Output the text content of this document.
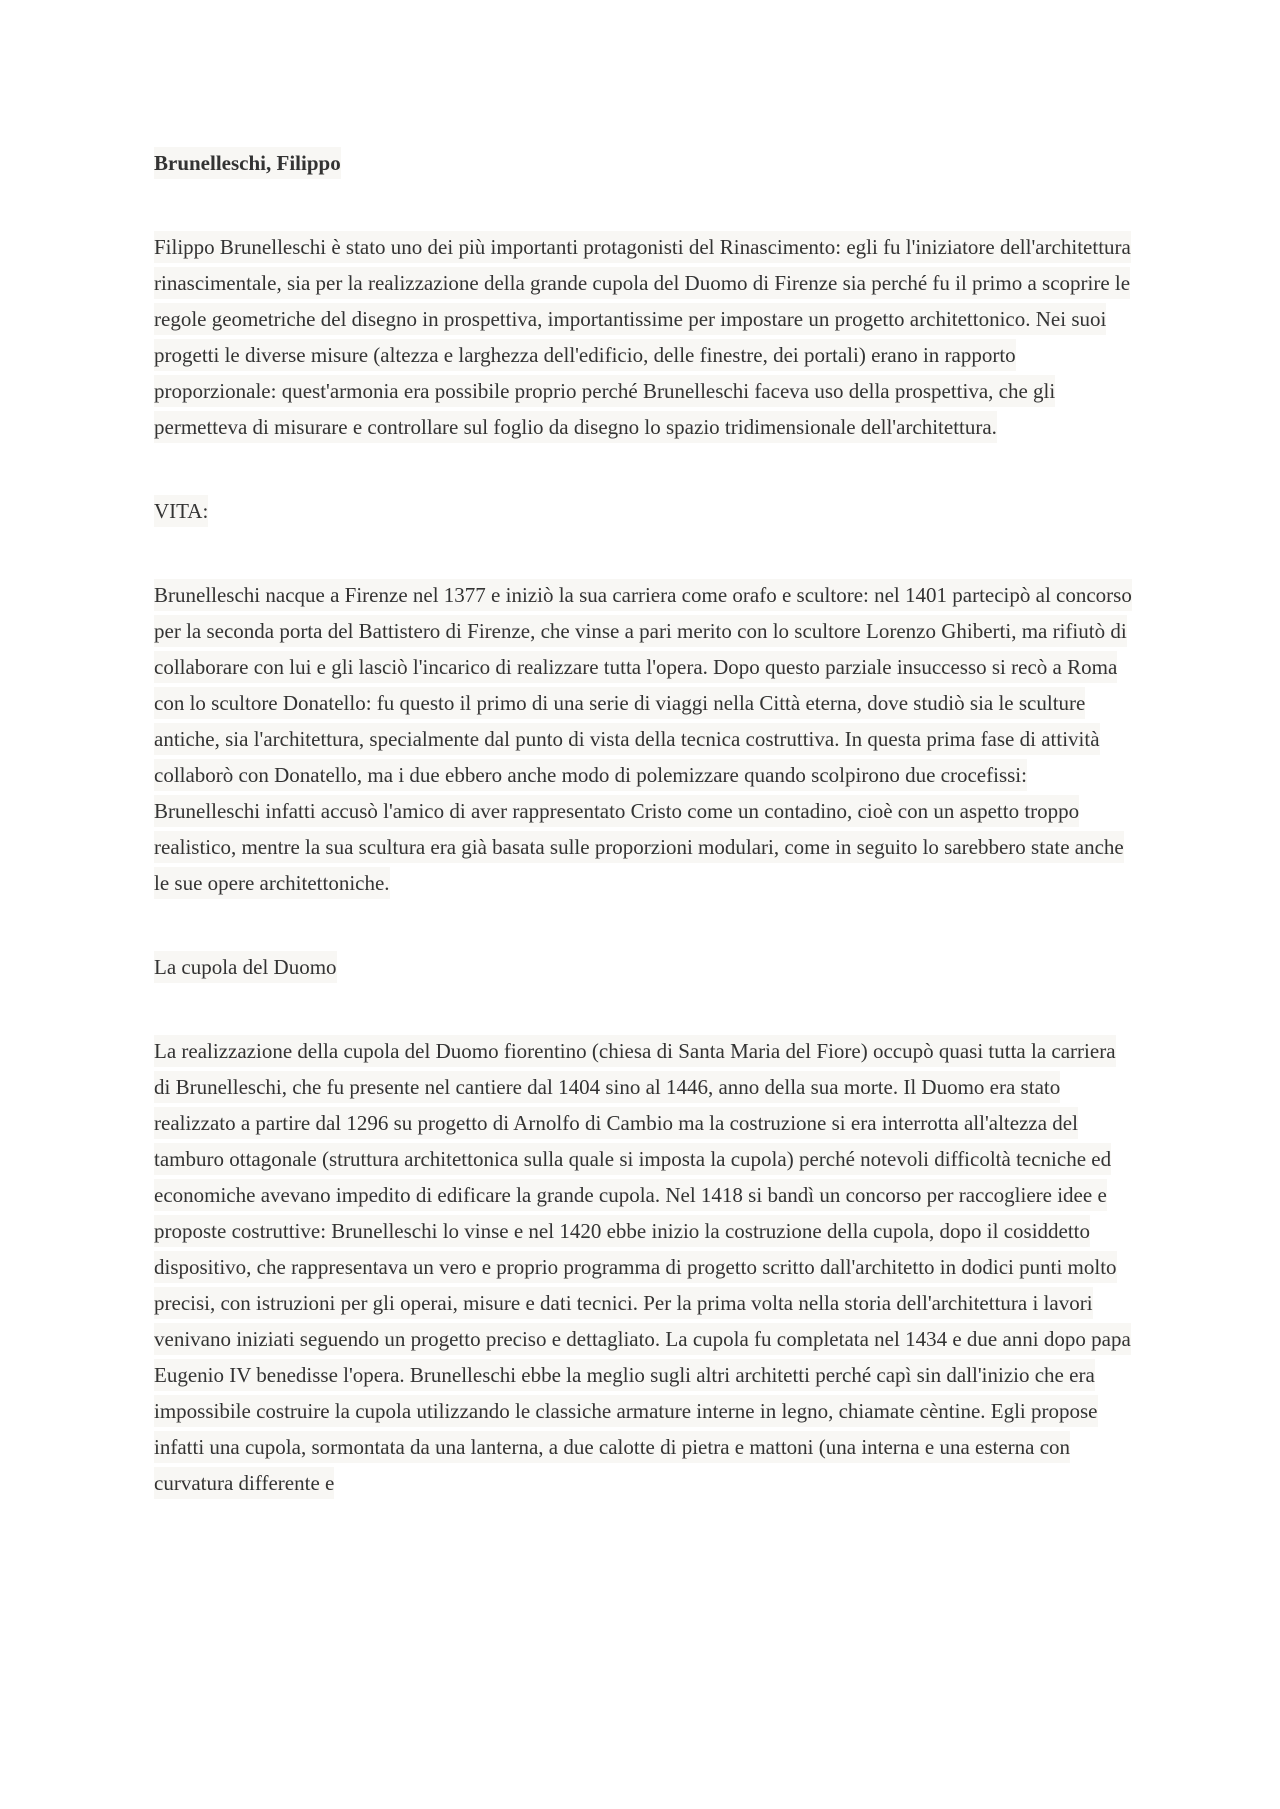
Brunelleschi, Filippo
Filippo Brunelleschi è stato uno dei più importanti protagonisti del Rinascimento: egli fu l'iniziatore dell'architettura rinascimentale, sia per la realizzazione della grande cupola del Duomo di Firenze sia perché fu il primo a scoprire le regole geometriche del disegno in prospettiva, importantissime per impostare un progetto architettonico. Nei suoi progetti le diverse misure (altezza e larghezza dell'edificio, delle finestre, dei portali) erano in rapporto proporzionale: quest'armonia era possibile proprio perché Brunelleschi faceva uso della prospettiva, che gli permetteva di misurare e controllare sul foglio da disegno lo spazio tridimensionale dell'architettura.
VITA:
Brunelleschi nacque a Firenze nel 1377 e iniziò la sua carriera come orafo e scultore: nel 1401 partecipò al concorso per la seconda porta del Battistero di Firenze, che vinse a pari merito con lo scultore Lorenzo Ghiberti, ma rifiutò di collaborare con lui e gli lasciò l'incarico di realizzare tutta l'opera. Dopo questo parziale insuccesso si recò a Roma con lo scultore Donatello: fu questo il primo di una serie di viaggi nella Città eterna, dove studiò sia le sculture antiche, sia l'architettura, specialmente dal punto di vista della tecnica costruttiva. In questa prima fase di attività collaborò con Donatello, ma i due ebbero anche modo di polemizzare quando scolpirono due crocefissi: Brunelleschi infatti accusò l'amico di aver rappresentato Cristo come un contadino, cioè con un aspetto troppo realistico, mentre la sua scultura era già basata sulle proporzioni modulari, come in seguito lo sarebbero state anche le sue opere architettoniche.
La cupola del Duomo
La realizzazione della cupola del Duomo fiorentino (chiesa di Santa Maria del Fiore) occupò quasi tutta la carriera di Brunelleschi, che fu presente nel cantiere dal 1404 sino al 1446, anno della sua morte. Il Duomo era stato realizzato a partire dal 1296 su progetto di Arnolfo di Cambio ma la costruzione si era interrotta all'altezza del tamburo ottagonale (struttura architettonica sulla quale si imposta la cupola) perché notevoli difficoltà tecniche ed economiche avevano impedito di edificare la grande cupola. Nel 1418 si bandì un concorso per raccogliere idee e proposte costruttive: Brunelleschi lo vinse e nel 1420 ebbe inizio la costruzione della cupola, dopo il cosiddetto dispositivo, che rappresentava un vero e proprio programma di progetto scritto dall'architetto in dodici punti molto precisi, con istruzioni per gli operai, misure e dati tecnici. Per la prima volta nella storia dell'architettura i lavori venivano iniziati seguendo un progetto preciso e dettagliato. La cupola fu completata nel 1434 e due anni dopo papa Eugenio IV benedisse l'opera. Brunelleschi ebbe la meglio sugli altri architetti perché capì sin dall'inizio che era impossibile costruire la cupola utilizzando le classiche armature interne in legno, chiamate cèntine. Egli propose infatti una cupola, sormontata da una lanterna, a due calotte di pietra e mattoni (una interna e una esterna con curvatura differente e
